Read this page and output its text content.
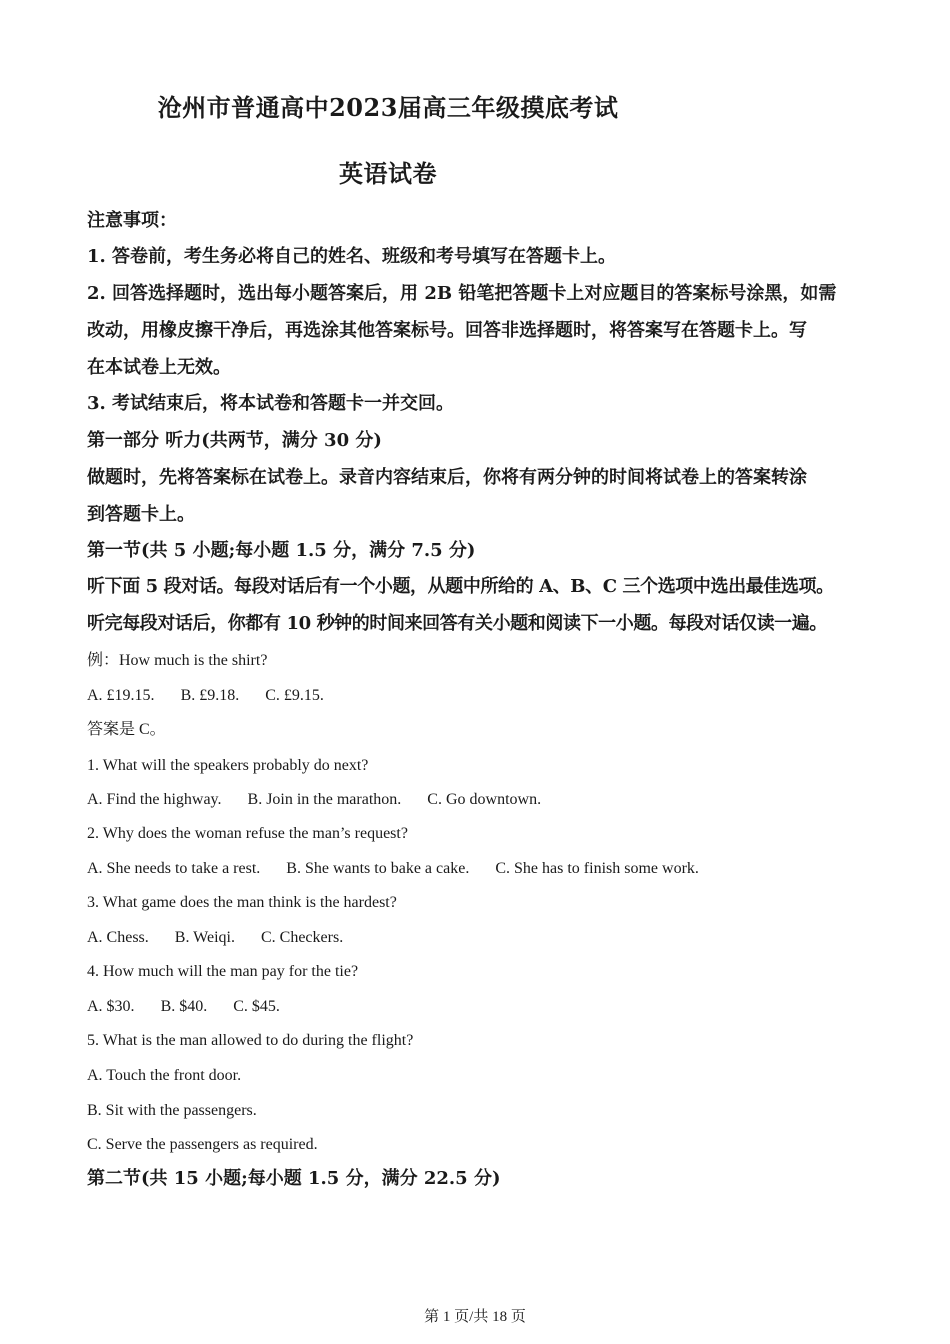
沧州市普通高中2023届高三年级摸底考试
英语试卷
注意事项：
1. 答卷前，考生务必将自己的姓名、班级和考号填写在答题卡上。
2. 回答选择题时，选出每小题答案后，用 2B 铅笔把答题卡上对应题目的答案标号涂黑，如需
改动，用橡皮擦干净后，再选涂其他答案标号。回答非选择题时，将答案写在答题卡上。写
在本试卷上无效。
3. 考试结束后，将本试卷和答题卡一并交回。
第一部分 听力(共两节，满分 30 分)
做题时，先将答案标在试卷上。录音内容结束后，你将有两分钟的时间将试卷上的答案转涂
到答题卡上。
第一节(共 5 小题;每小题 1.5 分，满分 7.5 分)
听下面 5 段对话。每段对话后有一个小题，从题中所给的 A、B、C 三个选项中选出最佳选项。
听完每段对话后，你都有 10 秒钟的时间来回答有关小题和阅读下一小题。每段对话仅读一遍。
例：How much is the shirt?
A. £19.15. B. £9.18. C. £9.15.
答案是 C。
1. What will the speakers probably do next?
A. Find the highway. B. Join in the marathon. C. Go downtown.
2. Why does the woman refuse the man’s request?
A. She needs to take a rest. B. She wants to bake a cake. C. She has to finish some work.
3. What game does the man think is the hardest?
A. Chess. B. Weiqi. C. Checkers.
4. How much will the man pay for the tie?
A. $30. B. $40. C. $45.
5. What is the man allowed to do during the flight?
A. Touch the front door.
B. Sit with the passengers.
C. Serve the passengers as required.
第二节(共 15 小题;每小题 1.5 分，满分 22.5 分)
第 1 页/共 18 页
